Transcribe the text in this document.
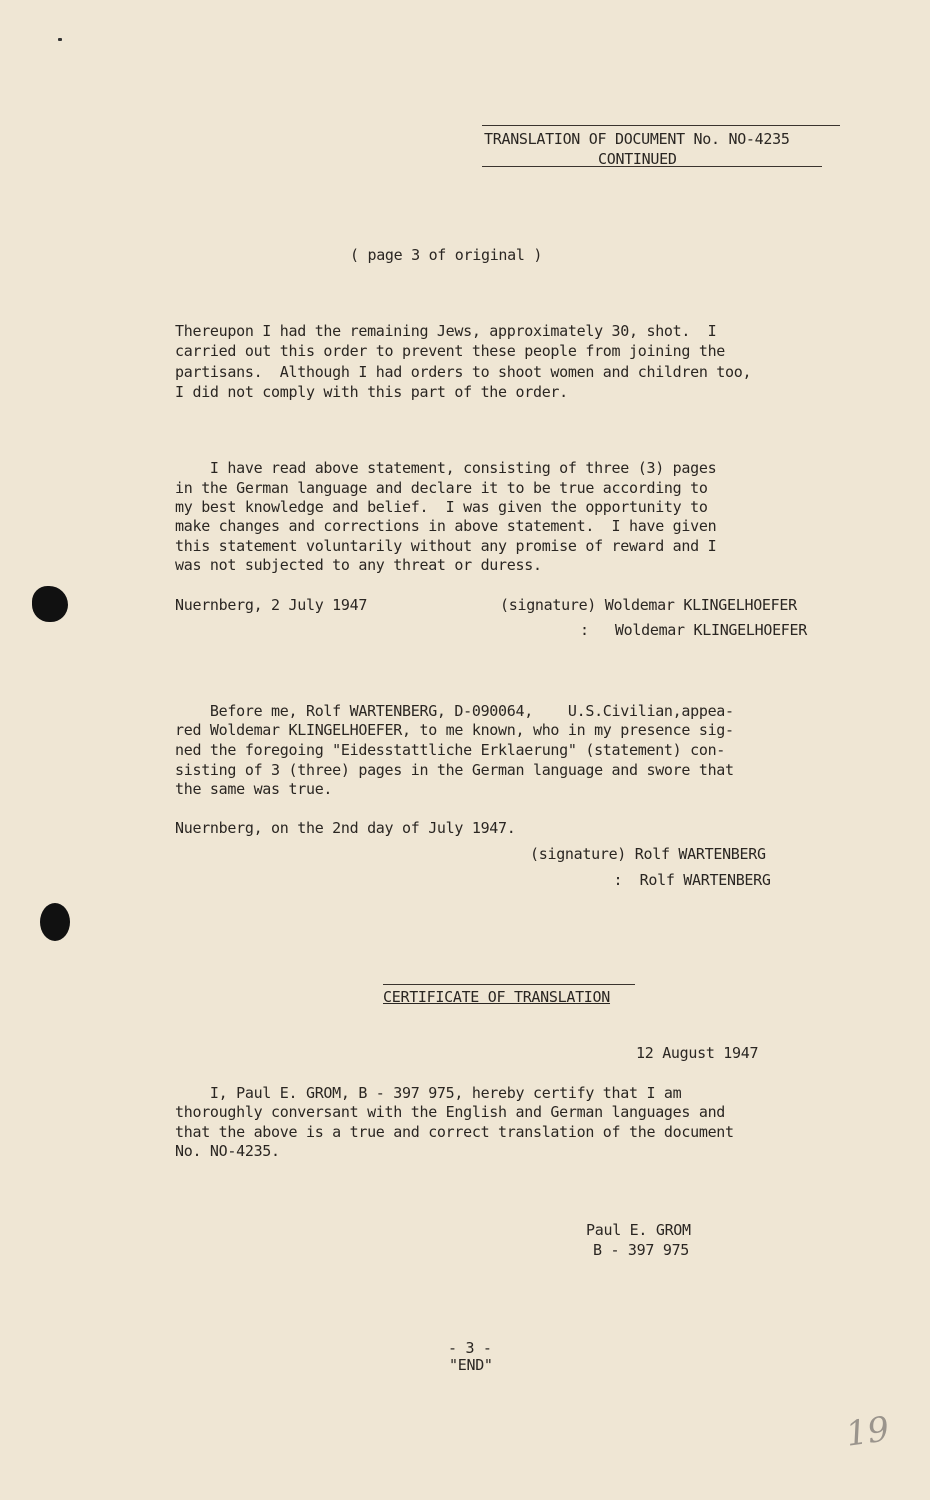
TRANSLATION OF DOCUMENT No. NO-4235
CONTINUED
( page 3 of original )
Thereupon I had the remaining Jews, approximately 30, shot.  I
carried out this order to prevent these people from joining the
partisans.  Although I had orders to shoot women and children too,
I did not comply with this part of the order.
I have read above statement, consisting of three (3) pages
in the German language and declare it to be true according to
my best knowledge and belief.  I was given the opportunity to
make changes and corrections in above statement.  I have given
this statement voluntarily without any promise of reward and I
was not subjected to any threat or duress.
Nuernberg, 2 July 1947	(signature) Woldemar KLINGELHOEFER
:   Woldemar KLINGELHOEFER
Before me, Rolf WARTENBERG, D-090064,    U.S.Civilian,appea-
red Woldemar KLINGELHOEFER, to me known, who in my presence sig-
ned the foregoing "Eidesstattliche Erklaerung" (statement) con-
sisting of 3 (three) pages in the German language and swore that
the same was true.
Nuernberg, on the 2nd day of July 1947.
(signature) Rolf WARTENBERG
:  Rolf WARTENBERG
CERTIFICATE OF TRANSLATION
12 August 1947
I, Paul E. GROM, B - 397 975, hereby certify that I am
thoroughly conversant with the English and German languages and
that the above is a true and correct translation of the document
No. NO-4235.
Paul E. GROM
B - 397 975
- 3 -
"END"
19
